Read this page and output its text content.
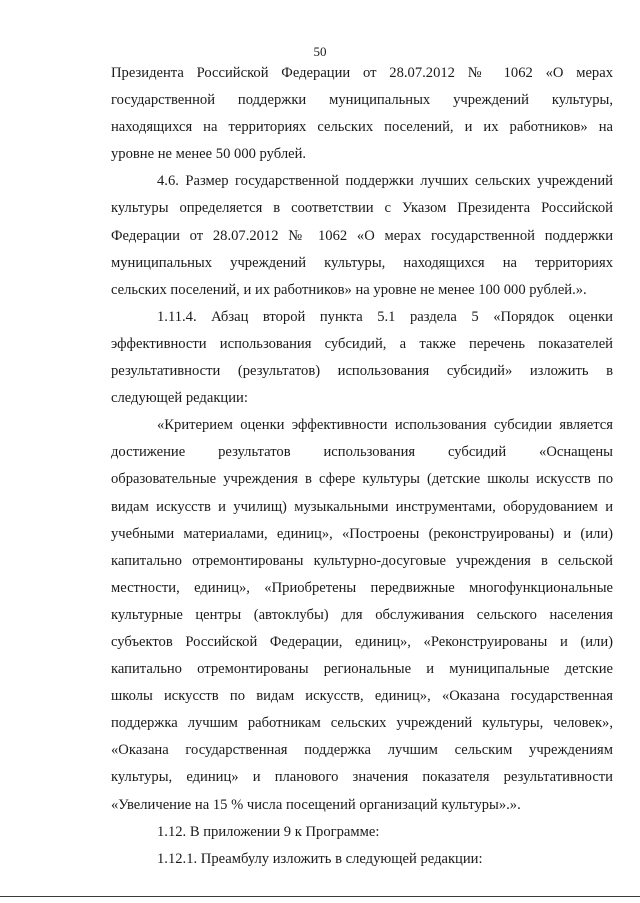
50
Президента Российской Федерации от 28.07.2012 № 1062 «О мерах
государственной поддержки муниципальных учреждений культуры,
находящихся на территориях сельских поселений, и их работников» на
уровне не менее 50 000 рублей.
4.6. Размер государственной поддержки лучших сельских учреждений
культуры определяется в соответствии с Указом Президента Российской
Федерации от 28.07.2012 № 1062 «О мерах государственной поддержки
муниципальных учреждений культуры, находящихся на территориях
сельских поселений, и их работников» на уровне не менее 100 000 рублей.».
1.11.4. Абзац второй пункта 5.1 раздела 5 «Порядок оценки
эффективности использования субсидий, а также перечень показателей
результативности (результатов) использования субсидий» изложить в
следующей редакции:
«Критерием оценки эффективности использования субсидии является
достижение результатов использования субсидий «Оснащены
образовательные учреждения в сфере культуры (детские школы искусств по
видам искусств и училищ) музыкальными инструментами, оборудованием и
учебными материалами, единиц», «Построены (реконструированы) и (или)
капитально отремонтированы культурно-досуговые учреждения в сельской
местности, единиц», «Приобретены передвижные многофункциональные
культурные центры (автоклубы) для обслуживания сельского населения
субъектов Российской Федерации, единиц», «Реконструированы и (или)
капитально отремонтированы региональные и муниципальные детские
школы искусств по видам искусств, единиц», «Оказана государственная
поддержка лучшим работникам сельских учреждений культуры, человек»,
«Оказана государственная поддержка лучшим сельским учреждениям
культуры, единиц» и планового значения показателя результативности
«Увеличение на 15 % числа посещений организаций культуры».».
1.12. В приложении 9 к Программе:
1.12.1. Преамбулу изложить в следующей редакции:
